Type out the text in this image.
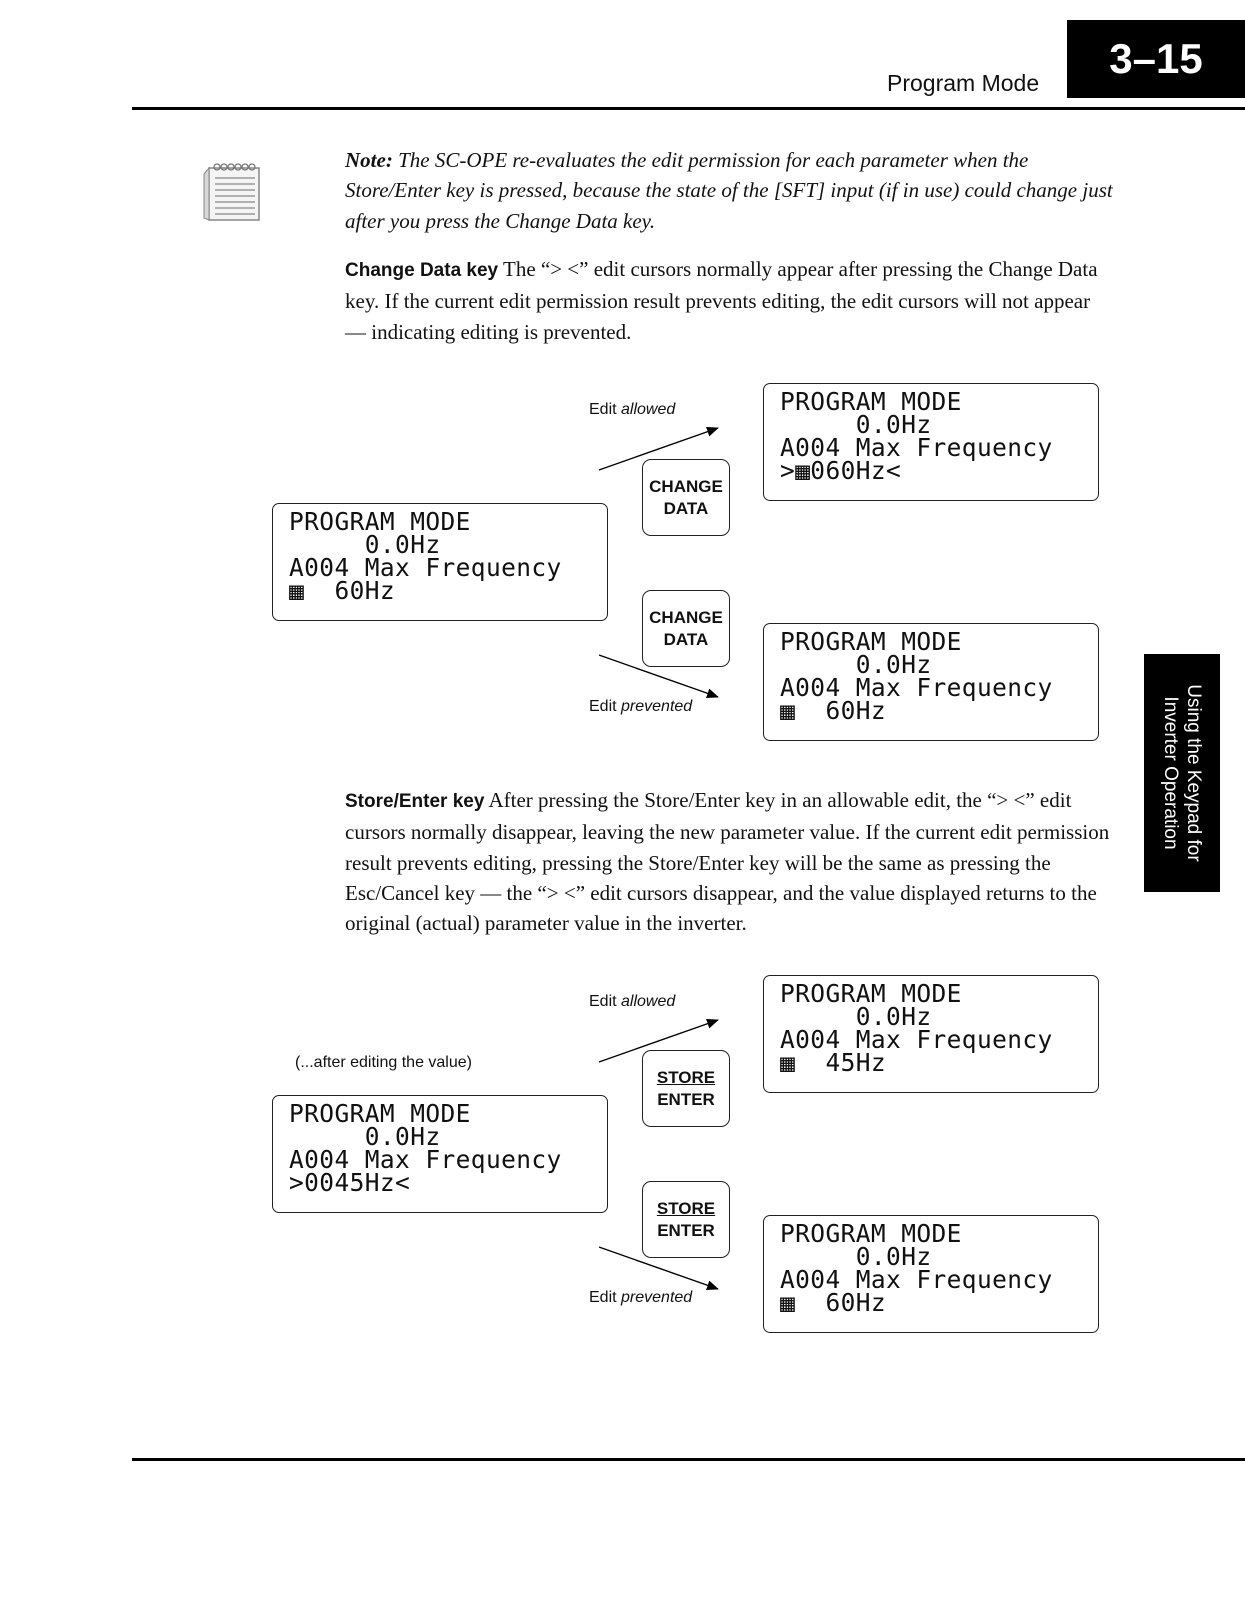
Program Mode
3–15
Using the Keypad for
Inverter Operation
Note: The SC-OPE re-evaluates the edit permission for each parameter when the Store/Enter key is pressed, because the state of the [SFT] input (if in use) could change just after you press the Change Data key.
Change Data key The “> <” edit cursors normally appear after pressing the Change Data key. If the current edit permission result prevents editing, the edit cursors will not appear — indicating editing is prevented.
PROGRAM MODE
0.0Hz
A004 Max Frequency
▦  60Hz
PROGRAM MODE
0.0Hz
A004 Max Frequency
>▦060Hz<
PROGRAM MODE
0.0Hz
A004 Max Frequency
▦  60Hz
CHANGE
DATA
CHANGE
DATA
Edit allowed
Edit prevented
Store/Enter key After pressing the Store/Enter key in an allowable edit, the “> <” edit cursors normally disappear, leaving the new parameter value. If the current edit permission result prevents editing, pressing the Store/Enter key will be the same as pressing the Esc/Cancel key — the “> <” edit cursors disappear, and the value displayed returns to the original (actual) parameter value in the inverter.
(...after editing the value)
PROGRAM MODE
0.0Hz
A004 Max Frequency
>0045Hz<
PROGRAM MODE
0.0Hz
A004 Max Frequency
▦  45Hz
PROGRAM MODE
0.0Hz
A004 Max Frequency
▦  60Hz
STORE
ENTER
STORE
ENTER
Edit allowed
Edit prevented
